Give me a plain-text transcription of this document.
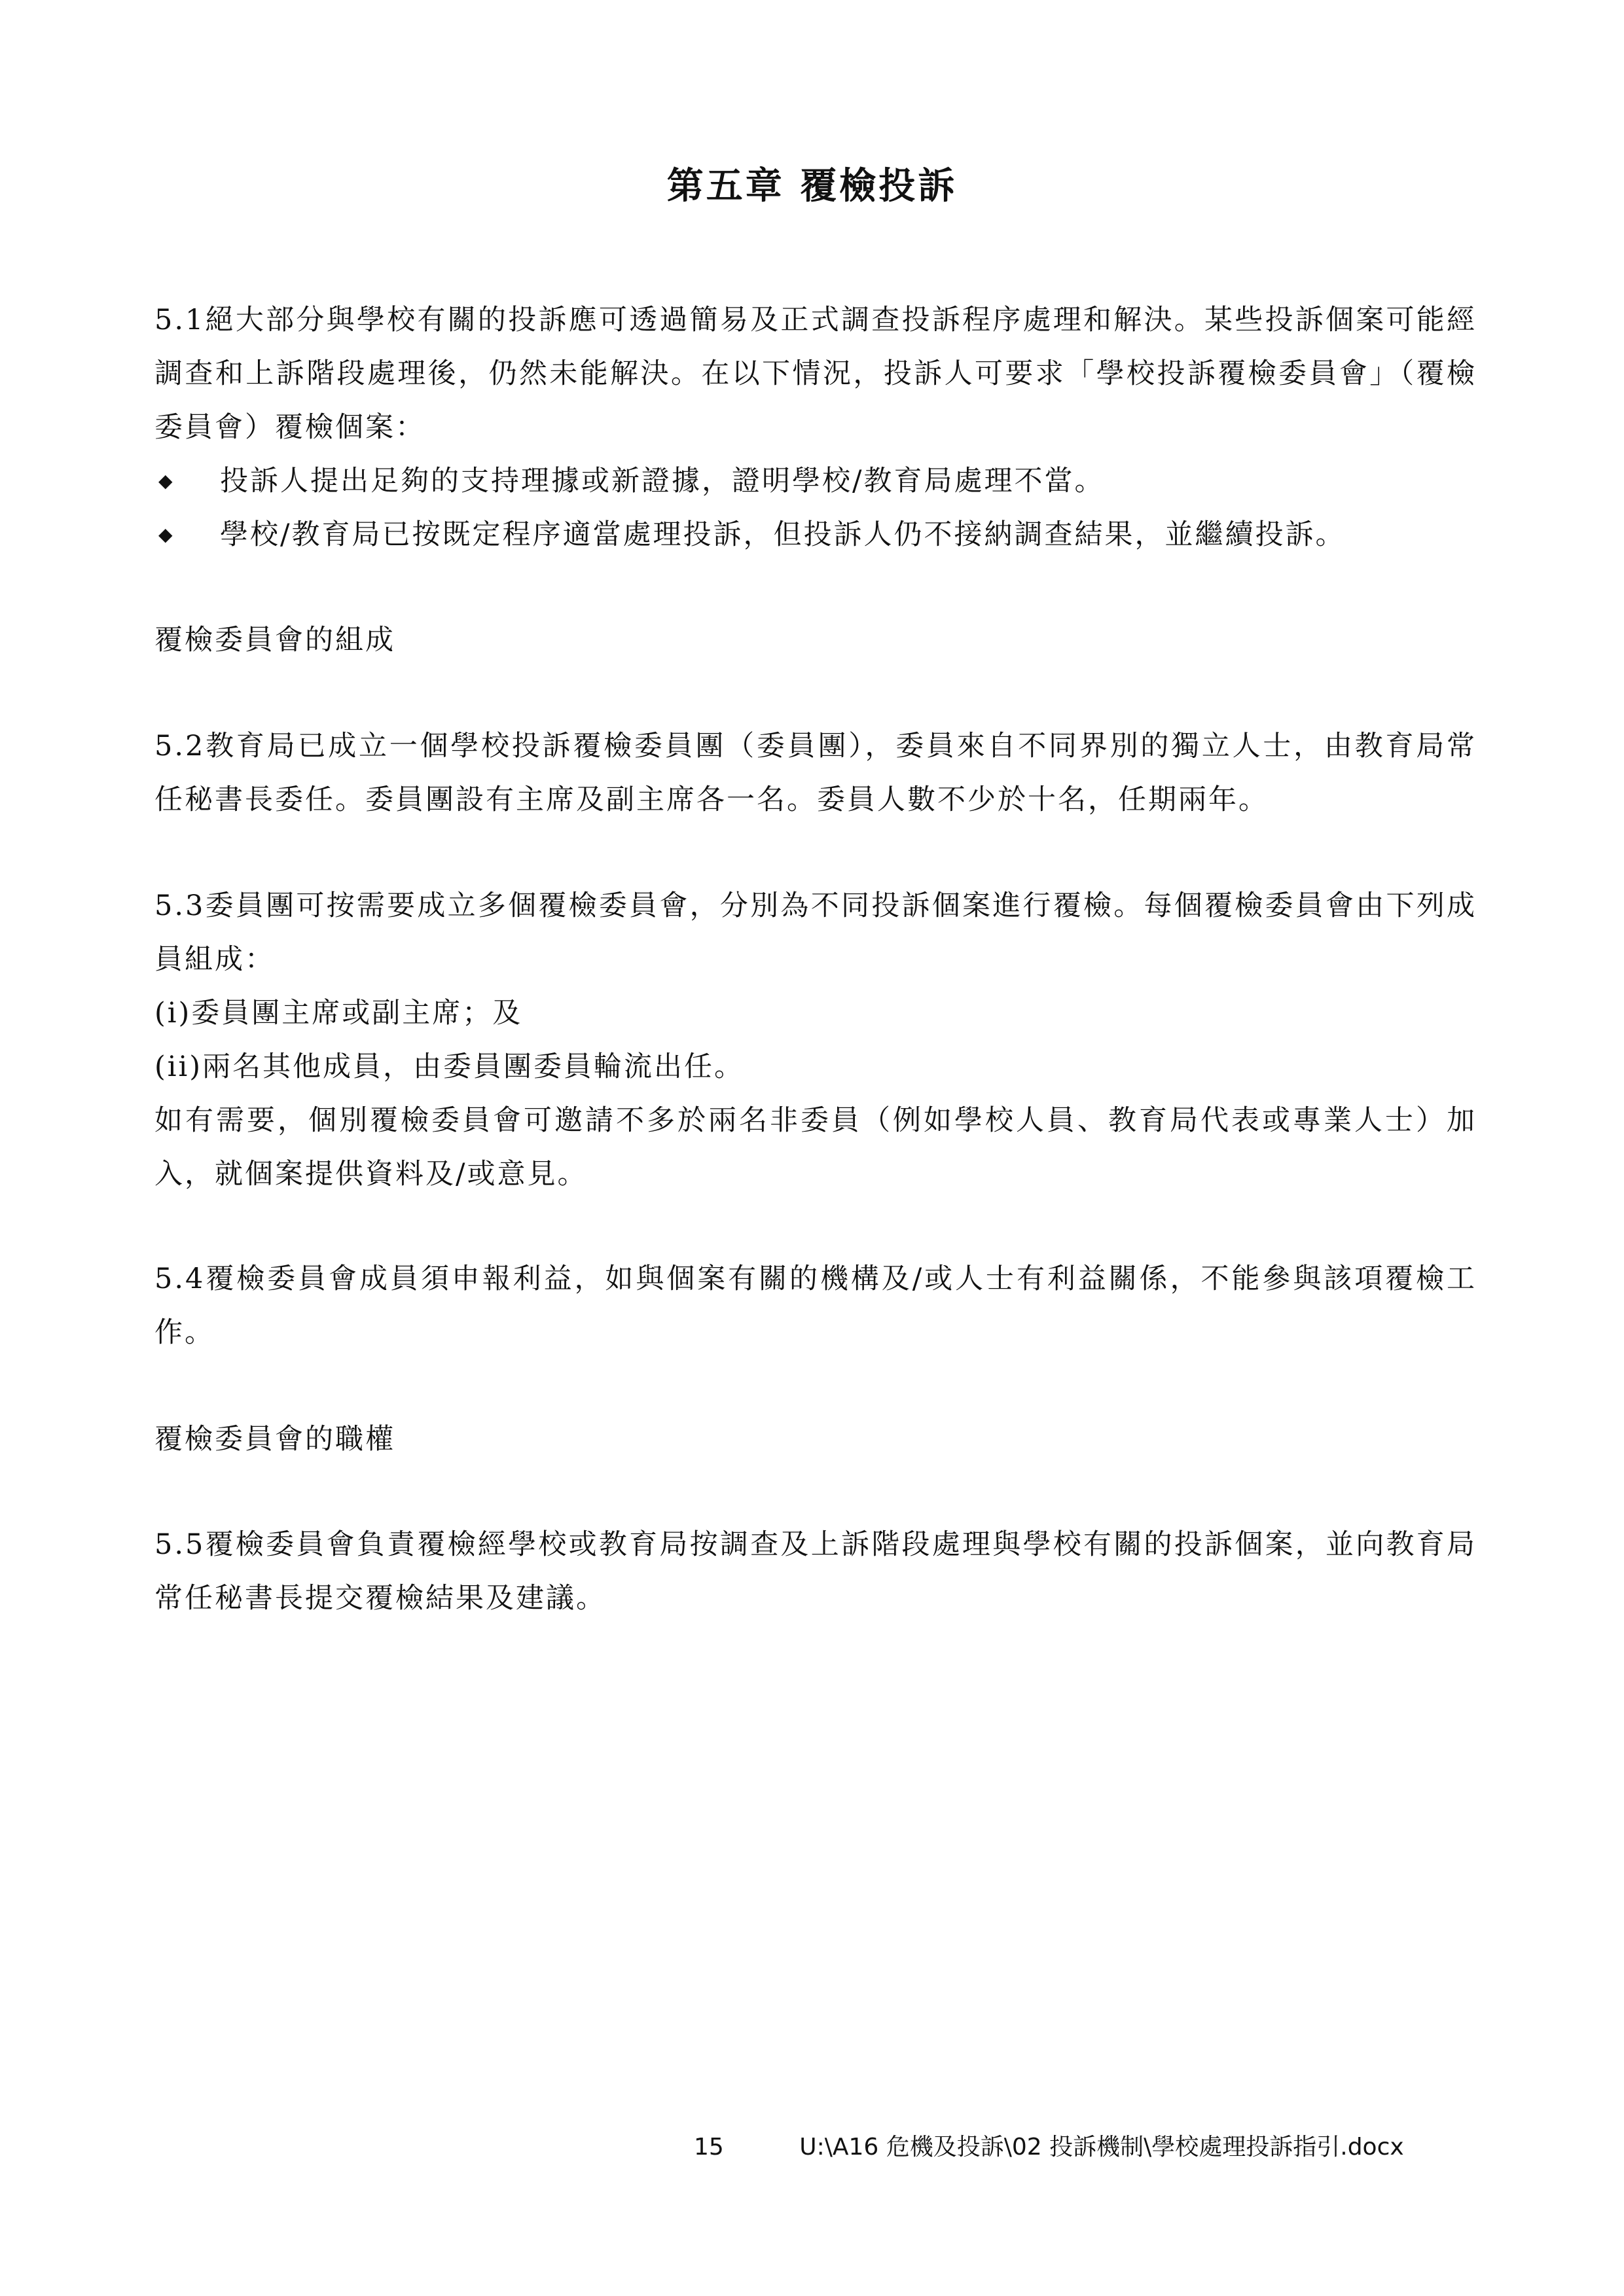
第五章 覆檢投訴

5.1絕大部分與學校有關的投訴應可透過簡易及正式調查投訴程序處理和解決。某些投訴個案可能經調查和上訴階段處理後，仍然未能解決。在以下情況，投訴人可要求「學校投訴覆檢委員會」（覆檢委員會）覆檢個案：

◆ 投訴人提出足夠的支持理據或新證據，證明學校/教育局處理不當。
◆ 學校/教育局已按既定程序適當處理投訴，但投訴人仍不接納調查結果，並繼續投訴。
覆檢委員會的組成

5.2教育局已成立一個學校投訴覆檢委員團（委員團），委員來自不同界別的獨立人士，由教育局常任秘書長委任。委員團設有主席及副主席各一名。委員人數不少於十名，任期兩年。

5.3委員團可按需要成立多個覆檢委員會，分別為不同投訴個案進行覆檢。每個覆檢委員會由下列成員組成：

(i)委員團主席或副主席；及

(ii)兩名其他成員，由委員團委員輪流出任。

如有需要，個別覆檢委員會可邀請不多於兩名非委員（例如學校人員、教育局代表或專業人士）加入，就個案提供資料及/或意見。

5.4覆檢委員會成員須申報利益，如與個案有關的機構及/或人士有利益關係，不能參與該項覆檢工作。

覆檢委員會的職權

5.5覆檢委員會負責覆檢經學校或教育局按調查及上訴階段處理與學校有關的投訴個案，並向教育局常任秘書長提交覆檢結果及建議。

15	U:\A16 危機及投訴\02 投訴機制\學校處理投訴指引.docx
